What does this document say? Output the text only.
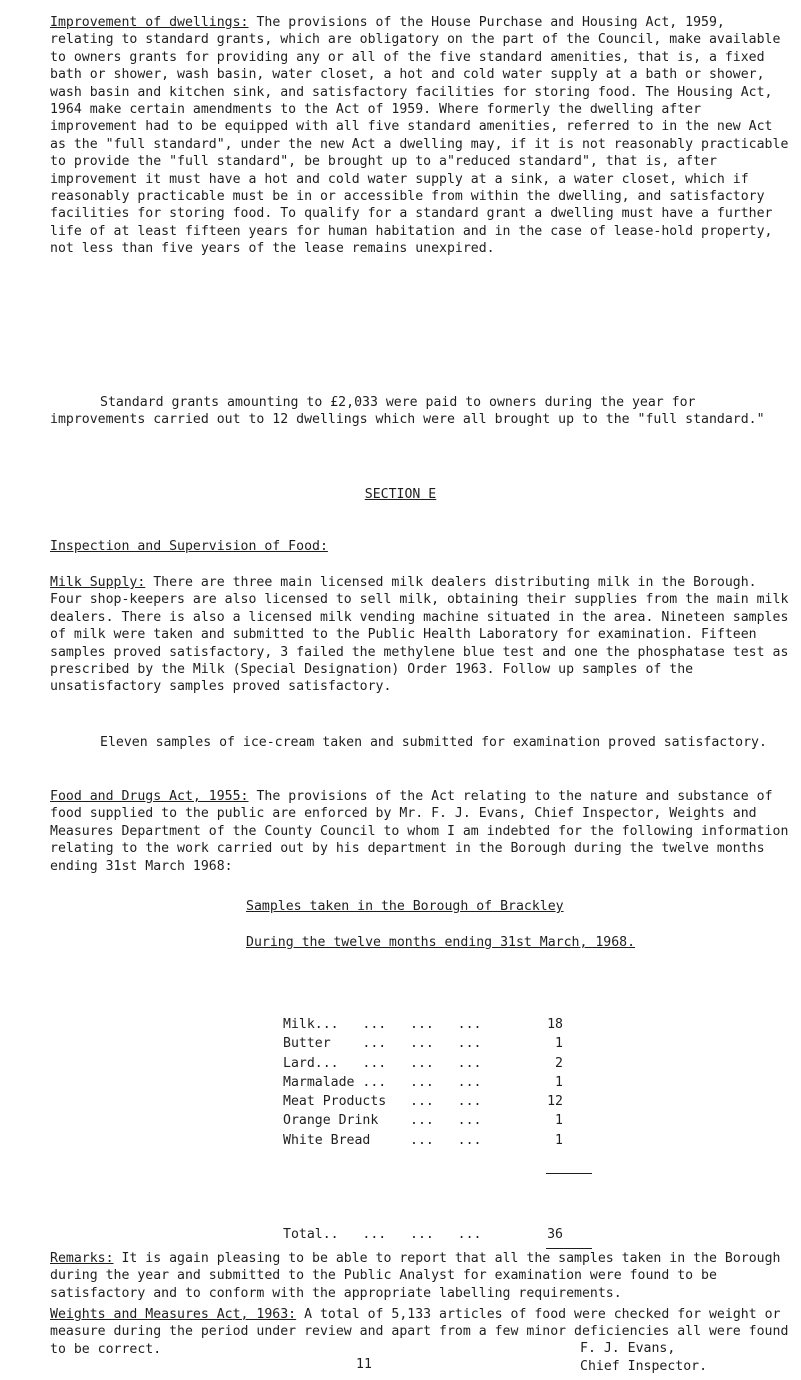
Improvement of dwellings: The provisions of the House Purchase and Housing Act, 1959, relating to standard grants, which are obligatory on the part of the Council, make available to owners grants for providing any or all of the five standard amenities, that is, a fixed bath or shower, wash basin, water closet, a hot and cold water supply at a bath or shower, wash basin and kitchen sink, and satisfactory facilities for storing food. The Housing Act, 1964 make certain amendments to the Act of 1959. Where formerly the dwelling after improvement had to be equipped with all five standard amenities, referred to in the new Act as the "full standard", under the new Act a dwelling may, if it is not reasonably practicable to provide the "full standard", be brought up to a"reduced standard", that is, after improvement it must have a hot and cold water supply at a sink, a water closet, which if reasonably practicable must be in or accessible from within the dwelling, and satisfactory facilities for storing food. To qualify for a standard grant a dwelling must have a further life of at least fifteen years for human habitation and in the case of lease-hold property, not less than five years of the lease remains unexpired.

Standard grants amounting to £2,033 were paid to owners during the year for improvements carried out to 12 dwellings which were all brought up to the "full standard."

SECTION E

Inspection and Supervision of Food:

Milk Supply: There are three main licensed milk dealers distributing milk in the Borough. Four shop-keepers are also licensed to sell milk, obtaining their supplies from the main milk dealers. There is also a licensed milk vending machine situated in the area. Nineteen samples of milk were taken and submitted to the Public Health Laboratory for examination. Fifteen samples proved satisfactory, 3 failed the methylene blue test and one the phosphatase test as prescribed by the Milk (Special Designation) Order 1963. Follow up samples of the unsatisfactory samples proved satisfactory.

Eleven samples of ice-cream taken and submitted for examination proved satisfactory.

Food and Drugs Act, 1955: The provisions of the Act relating to the nature and substance of food supplied to the public are enforced by Mr. F. J. Evans, Chief Inspector, Weights and Measures Department of the County Council to whom I am indebted for the following information relating to the work carried out by his department in the Borough during the twelve months ending 31st March 1968:

Samples taken in the Borough of Brackley

During the twelve months ending 31st March, 1968.

Milk...   ...   ...   ...	18
Butter    ...   ...   ...	1
Lard...   ...   ...   ...	2
Marmalade ...   ...   ...	1
Meat Products   ...   ...	12
Orange Drink    ...   ...	1
White Bread     ...   ...	1
Total..   ...   ...   ...	36

Remarks: It is again pleasing to be able to report that all the samples taken in the Borough during the year and submitted to the Public Analyst for examination were found to be satisfactory and to conform with the appropriate labelling requirements.

Weights and Measures Act, 1963: A total of 5,133 articles of food were checked for weight or measure during the period under review and apart from a few minor deficiencies all were found to be correct.	F. J. Evans,
Chief Inspector.
11
